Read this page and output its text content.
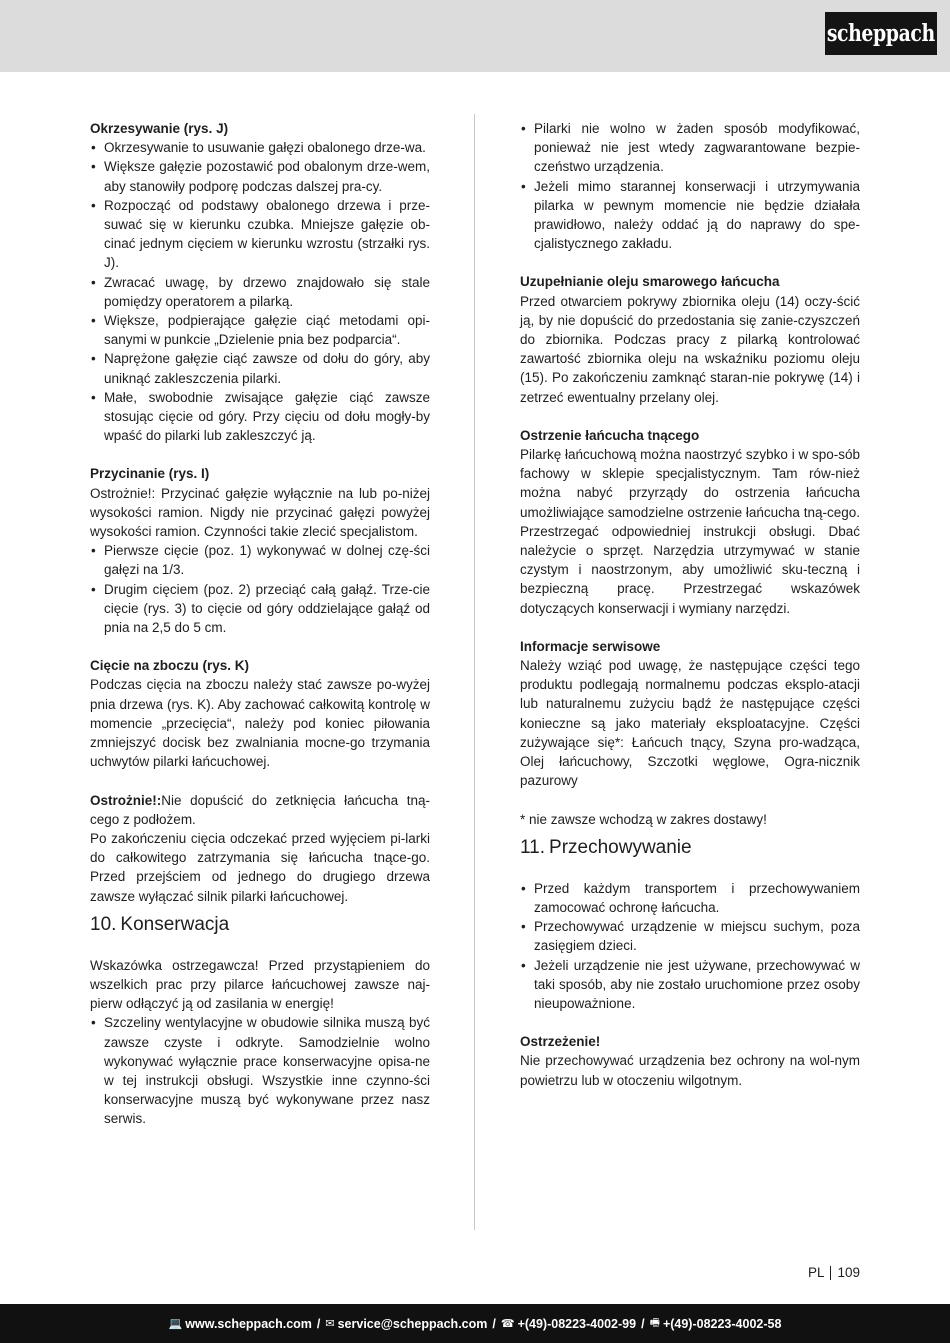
scheppach

Okrzesywanie (rys. J)

• Okrzesywanie to usuwanie gałęzi obalonego drze-wa.
• Większe gałęzie pozostawić pod obalonym drze-wem, aby stanowiły podporę podczas dalszej pra-cy.
• Rozpocząć od podstawy obalonego drzewa i prze-suwać się w kierunku czubka. Mniejsze gałęzie ob-cinać jednym cięciem w kierunku wzrostu (strzałki rys. J).
• Zwracać uwagę, by drzewo znajdowało się stale pomiędzy operatorem a pilarką.
• Większe, podpierające gałęzie ciąć metodami opi-sanymi w punkcie „Dzielenie pnia bez podparcia“.
• Naprężone gałęzie ciąć zawsze od dołu do góry, aby uniknąć zakleszczenia pilarki.
• Małe, swobodnie zwisające gałęzie ciąć zawsze stosując cięcie od góry. Przy cięciu od dołu mogły-by wpaść do pilarki lub zakleszczyć ją.

Przycinanie (rys. I)

Ostrożnie!: Przycinać gałęzie wyłącznie na lub po-niżej wysokości ramion. Nigdy nie przycinać gałęzi powyżej wysokości ramion. Czynności takie zlecić specjalistom.

• Pierwsze cięcie (poz. 1) wykonywać w dolnej czę-ści gałęzi na 1/3.
• Drugim cięciem (poz. 2) przeciąć całą gałąź. Trze-cie cięcie (rys. 3) to cięcie od góry oddzielające gałąź od pnia na 2,5 do 5 cm.

Cięcie na zboczu (rys. K)

Podczas cięcia na zboczu należy stać zawsze po-wyżej pnia drzewa (rys. K). Aby zachować całkowitą kontrolę w momencie „przecięcia“, należy pod koniec piłowania zmniejszyć docisk bez zwalniania mocne-go trzymania uchwytów pilarki łańcuchowej.

Ostrożnie!:Nie dopuścić do zetknięcia łańcucha tną-cego z podłożem.

Po zakończeniu cięcia odczekać przed wyjęciem pi-larki do całkowitego zatrzymania się łańcucha tnące-go. Przed przejściem od jednego do drugiego drzewa zawsze wyłączać silnik pilarki łańcuchowej.

10. Konserwacja

Wskazówka ostrzegawcza! Przed przystąpieniem do wszelkich prac przy pilarce łańcuchowej zawsze naj-pierw odłączyć ją od zasilania w energię!

• Szczeliny wentylacyjne w obudowie silnika muszą być zawsze czyste i odkryte. Samodzielnie wolno wykonywać wyłącznie prace konserwacyjne opisa-ne w tej instrukcji obsługi. Wszystkie inne czynno-ści konserwacyjne muszą być wykonywane przez nasz serwis.
• Pilarki nie wolno w żaden sposób modyfikować, ponieważ nie jest wtedy zagwarantowane bezpie-czeństwo urządzenia.
• Jeżeli mimo starannej konserwacji i utrzymywania pilarka w pewnym momencie nie będzie działała prawidłowo, należy oddać ją do naprawy do spe-cjalistycznego zakładu.

Uzupełnianie oleju smarowego łańcucha

Przed otwarciem pokrywy zbiornika oleju (14) oczy-ścić ją, by nie dopuścić do przedostania się zanie-czyszczeń do zbiornika. Podczas pracy z pilarką kontrolować zawartość zbiornika oleju na wskaźniku poziomu oleju (15). Po zakończeniu zamknąć staran-nie pokrywę (14) i zetrzeć ewentualny przelany olej.

Ostrzenie łańcucha tnącego

Pilarkę łańcuchową można naostrzyć szybko i w spo-sób fachowy w sklepie specjalistycznym. Tam rów-nież można nabyć przyrządy do ostrzenia łańcucha umożliwiające samodzielne ostrzenie łańcucha tną-cego. Przestrzegać odpowiedniej instrukcji obsługi. Dbać należycie o sprzęt. Narzędzia utrzymywać w stanie czystym i naostrzonym, aby umożliwić sku-teczną i bezpieczną pracę. Przestrzegać wskazówek dotyczących konserwacji i wymiany narzędzi.

Informacje serwisowe

Należy wziąć pod uwagę, że następujące części tego produktu podlegają normalnemu podczas eksplo-atacji lub naturalnemu zużyciu bądź że następujące części konieczne są jako materiały eksploatacyjne. Części zużywające się*: Łańcuch tnący, Szyna pro-wadząca, Olej łańcuchowy, Szczotki węglowe, Ogra-nicznik pazurowy

* nie zawsze wchodzą w zakres dostawy!

11. Przechowywanie
• Przed każdym transportem i przechowywaniem zamocować ochronę łańcucha.
• Przechowywać urządzenie w miejscu suchym, poza zasięgiem dzieci.
• Jeżeli urządzenie nie jest używane, przechowywać w taki sposób, aby nie zostało uruchomione przez osoby nieupoważnione.

Ostrzeżenie!

Nie przechowywać urządzenia bez ochrony na wol-nym powietrzu lub w otoczeniu wilgotnym.

PL 109
💻 www.scheppach.com / ✉ service@scheppach.com / ☎ +(49)-08223-4002-99 / 🖷 +(49)-08223-4002-58
